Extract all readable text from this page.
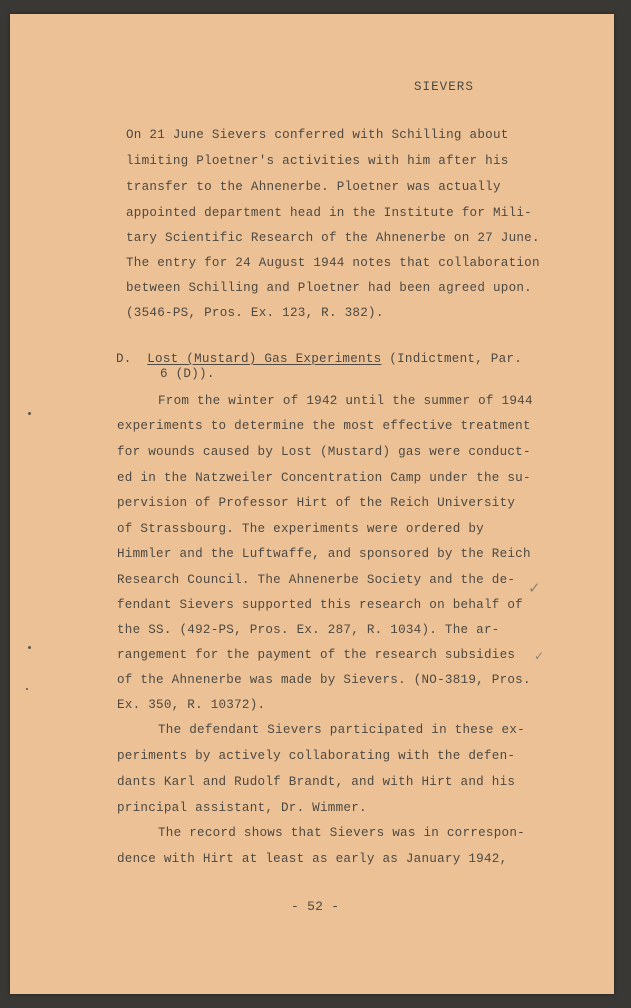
SIEVERS
On 21 June Sievers conferred with Schilling about
limiting Ploetner's activities with him after his
transfer to the Ahnenerbe. Ploetner was actually
appointed department head in the Institute for Mili-
tary Scientific Research of the Ahnenerbe on 27 June.
The entry for 24 August 1944 notes that collaboration
between Schilling and Ploetner had been agreed upon.
(3546-PS, Pros. Ex. 123, R. 382).
D. Lost (Mustard) Gas Experiments (Indictment, Par.
6 (D)).
From the winter of 1942 until the summer of 1944
experiments to determine the most effective treatment
for wounds caused by Lost (Mustard) gas were conduct-
ed in the Natzweiler Concentration Camp under the su-
pervision of Professor Hirt of the Reich University
of Strassbourg. The experiments were ordered by
Himmler and the Luftwaffe, and sponsored by the Reich
Research Council. The Ahnenerbe Society and the de-
fendant Sievers supported this research on behalf of
the SS. (492-PS, Pros. Ex. 287, R. 1034). The ar-
rangement for the payment of the research subsidies
of the Ahnenerbe was made by Sievers. (NO-3819, Pros.
Ex. 350, R. 10372).
The defendant Sievers participated in these ex-
periments by actively collaborating with the defen-
dants Karl and Rudolf Brandt, and with Hirt and his
principal assistant, Dr. Wimmer.
The record shows that Sievers was in correspon-
dence with Hirt at least as early as January 1942,
- 52 -
✓
✓
